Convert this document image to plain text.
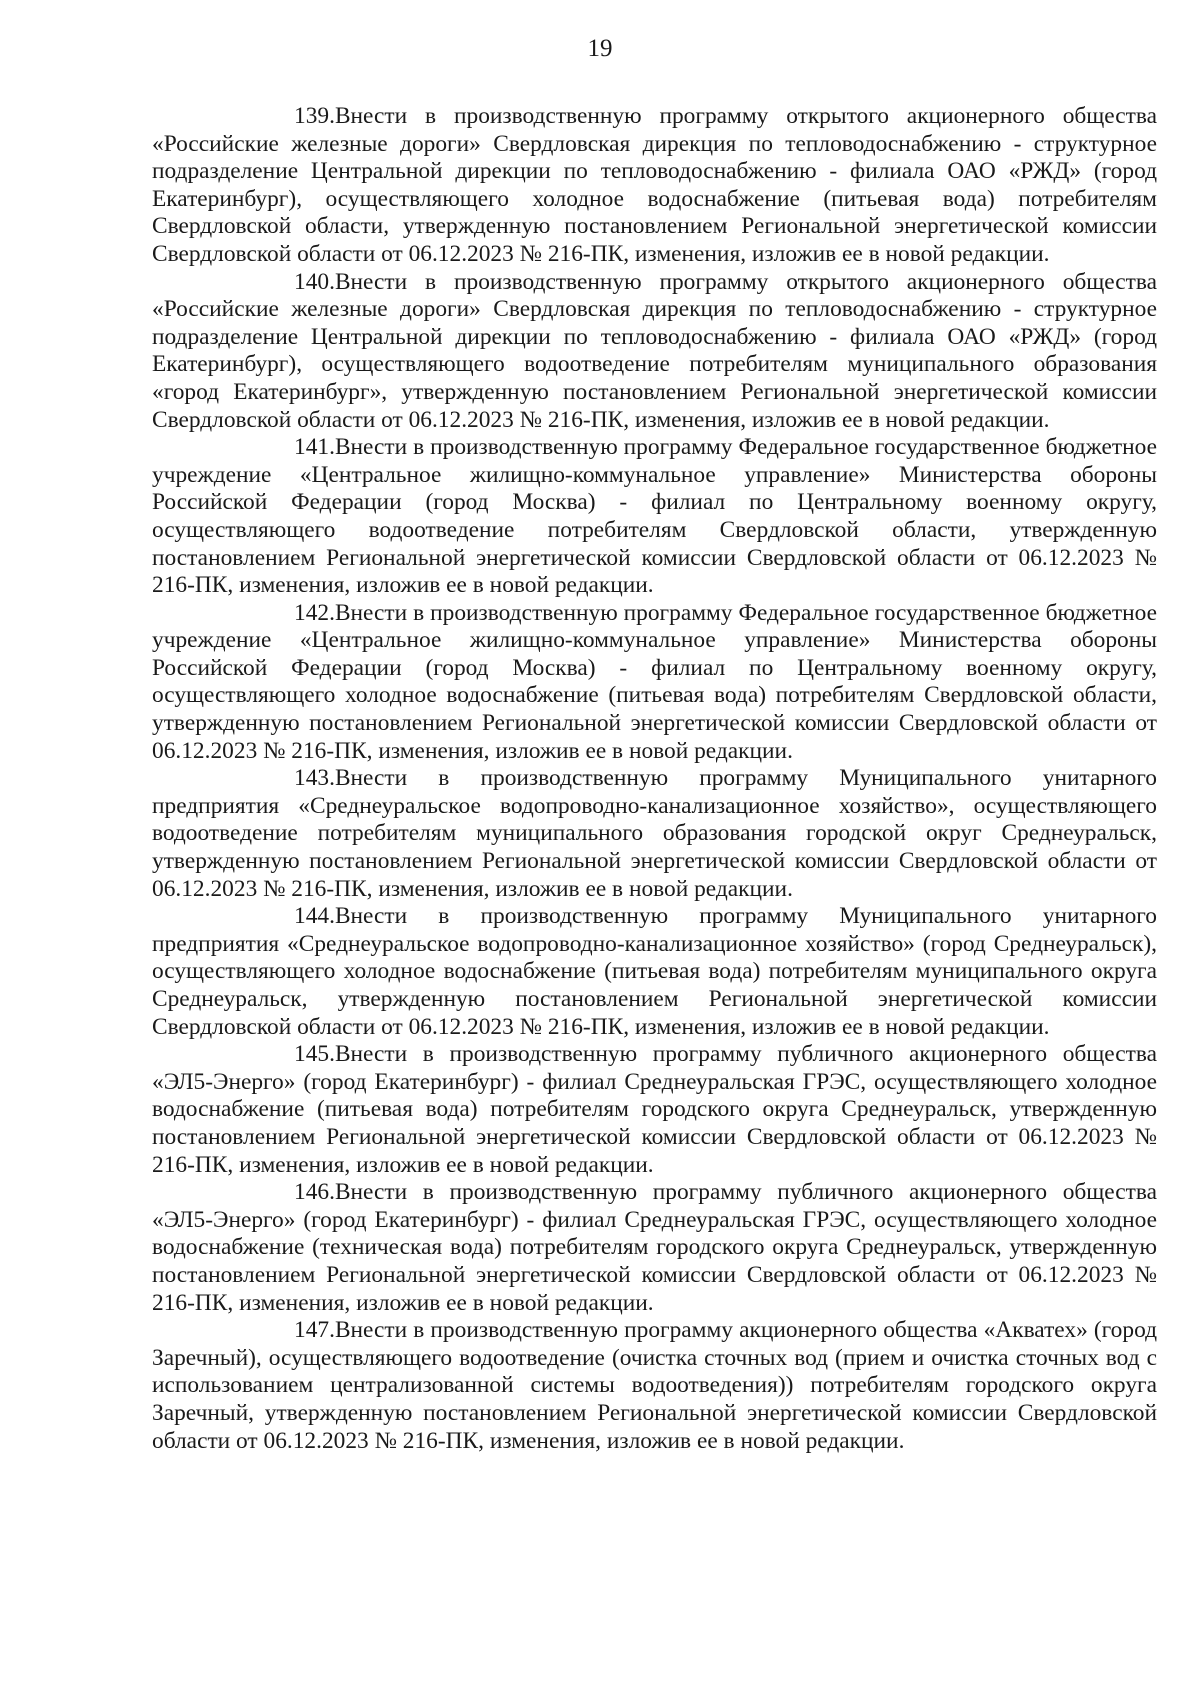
19

139.Внести в производственную программу открытого акционерного общества «Российские железные дороги» Свердловская дирекция по тепловодоснабжению - структурное подразделение Центральной дирекции по тепловодоснабжению - филиала ОАО «РЖД» (город Екатеринбург), осуществляющего холодное водоснабжение (питьевая вода) потребителям Свердловской области, утвержденную постановлением Региональной энергетической комиссии Свердловской области от 06.12.2023 № 216-ПК, изменения, изложив ее в новой редакции.

140.Внести в производственную программу открытого акционерного общества «Российские железные дороги» Свердловская дирекция по тепловодоснабжению - структурное подразделение Центральной дирекции по тепловодоснабжению - филиала ОАО «РЖД» (город Екатеринбург), осуществляющего водоотведение потребителям муниципального образования «город Екатеринбург», утвержденную постановлением Региональной энергетической комиссии Свердловской области от 06.12.2023 № 216-ПК, изменения, изложив ее в новой редакции.

141.Внести в производственную программу Федеральное государственное бюджетное учреждение «Центральное жилищно-коммунальное управление» Министерства обороны Российской Федерации (город Москва) - филиал по Центральному военному округу, осуществляющего водоотведение потребителям Свердловской области, утвержденную постановлением Региональной энергетической комиссии Свердловской области от 06.12.2023 № 216-ПК, изменения, изложив ее в новой редакции.

142.Внести в производственную программу Федеральное государственное бюджетное учреждение «Центральное жилищно-коммунальное управление» Министерства обороны Российской Федерации (город Москва) - филиал по Центральному военному округу, осуществляющего холодное водоснабжение (питьевая вода) потребителям Свердловской области, утвержденную постановлением Региональной энергетической комиссии Свердловской области от 06.12.2023 № 216-ПК, изменения, изложив ее в новой редакции.

143.Внести в производственную программу Муниципального унитарного предприятия «Среднеуральское водопроводно-канализационное хозяйство», осуществляющего водоотведение потребителям муниципального образования городской округ Среднеуральск, утвержденную постановлением Региональной энергетической комиссии Свердловской области от 06.12.2023 № 216-ПК, изменения, изложив ее в новой редакции.

144.Внести в производственную программу Муниципального унитарного предприятия «Среднеуральское водопроводно-канализационное хозяйство» (город Среднеуральск), осуществляющего холодное водоснабжение (питьевая вода) потребителям муниципального округа Среднеуральск, утвержденную постановлением Региональной энергетической комиссии Свердловской области от 06.12.2023 № 216-ПК, изменения, изложив ее в новой редакции.

145.Внести в производственную программу публичного акционерного общества «ЭЛ5-Энерго» (город Екатеринбург) - филиал Среднеуральская ГРЭС, осуществляющего холодное водоснабжение (питьевая вода) потребителям городского округа Среднеуральск, утвержденную постановлением Региональной энергетической комиссии Свердловской области от 06.12.2023 № 216-ПК, изменения, изложив ее в новой редакции.

146.Внести в производственную программу публичного акционерного общества «ЭЛ5-Энерго» (город Екатеринбург) - филиал Среднеуральская ГРЭС, осуществляющего холодное водоснабжение (техническая вода) потребителям городского округа Среднеуральск, утвержденную постановлением Региональной энергетической комиссии Свердловской области от 06.12.2023 № 216-ПК, изменения, изложив ее в новой редакции.

147.Внести в производственную программу акционерного общества «Акватех» (город Заречный), осуществляющего водоотведение (очистка сточных вод (прием и очистка сточных вод с использованием централизованной системы водоотведения)) потребителям городского округа Заречный, утвержденную постановлением Региональной энергетической комиссии Свердловской области от 06.12.2023 № 216-ПК, изменения, изложив ее в новой редакции.
